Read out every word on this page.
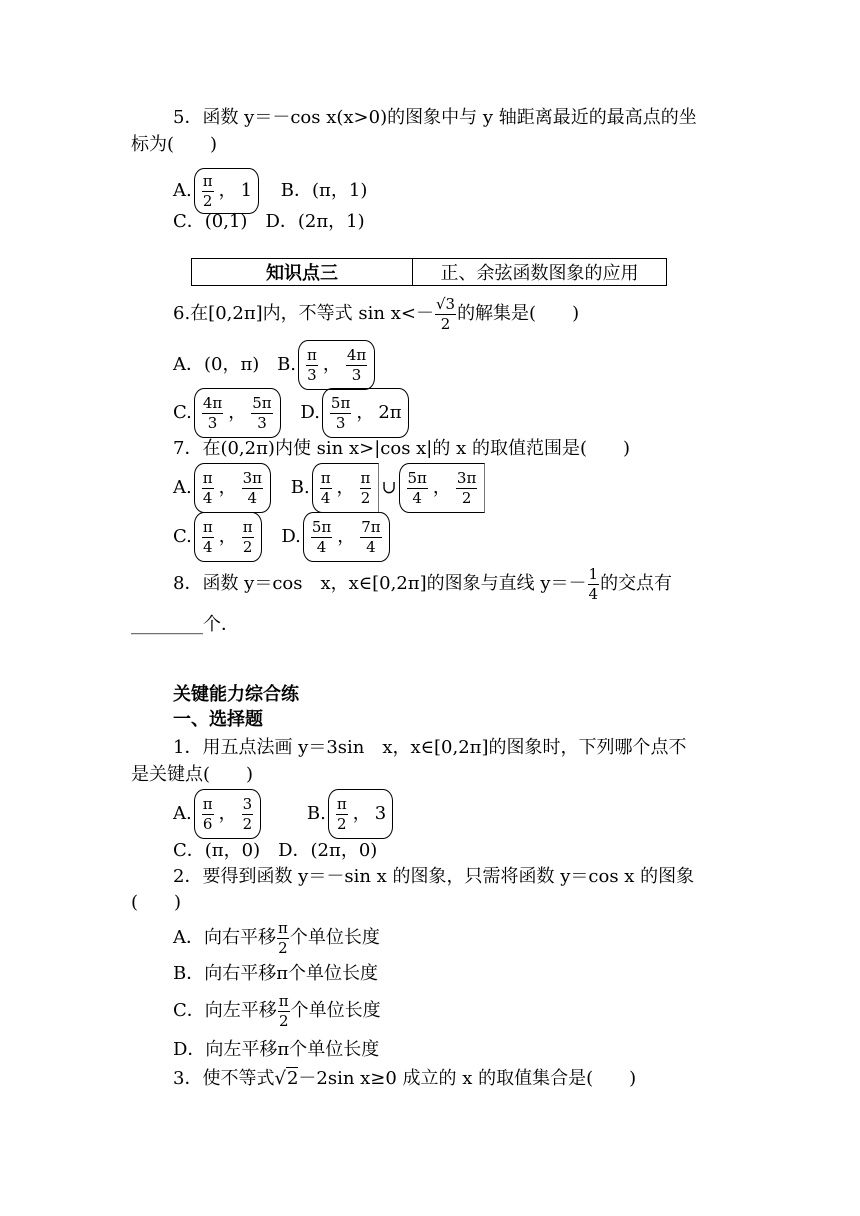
5．函数 y＝－cos x(x>0)的图象中与 y 轴距离最近的最高点的坐
标为(　　)
A. $\frac{\pi}{2}$ ， 1 B．(π，1)
C．(0,1)　D．(2π，1)
知识点三	正、余弦函数图象的应用
6.在[0,2π]内，不等式 $\sin x<- \frac{√3}{2}$ 的解集是(　　)
A．(0，π) B. $\frac{\pi}{3}$ ， $\frac{4\pi}{3}$
C. $\frac{4\pi}{3}$ ， $\frac{5\pi}{3} D$. $\frac{5\pi}{3}$ ， 2π
7．在(0,2π)内使 sin x>|cos x|的 x 的取值范围是(　　)
A. $\frac{\pi}{4}$ ， $\frac{3\pi}{4} B$. $\frac{\pi}{4}$ ， $\frac{\pi}{2}$ ∪ $\frac{5\pi}{4}$ ， $\frac{3\pi}{2}$
C. $\frac{\pi}{4}$ ， $\frac{\pi}{2} D$. $\frac{5\pi}{4}$ ， $\frac{7\pi}{4}$
8．函数 y＝cos　x，x∈[0,2π]的图象与直线 $y=- \frac{1}{4}$ 的交点有
________个．
关键能力综合练
一、选择题
1．用五点法画 y＝3sin　x，x∈[0,2π]的图象时，下列哪个点不
是关键点(　　)
A. $\frac{\pi}{6}$ ， $\frac{3}{2}$	B. $\frac{\pi}{2}$ ， 3
C．(π，0)　D．(2π，0)
2．要得到函数 y＝－sin x 的图象，只需将函数 y＝cos x 的图象
(　　)
A．向右平移 $\frac{\pi}{2}$ 个单位长度
B．向右平移π个单位长度
C．向左平移 $\frac{\pi}{2}$ 个单位长度
D．向左平移π个单位长度
3．使不等式√2－2sin x≥0 成立的 x 的取值集合是(　　)
